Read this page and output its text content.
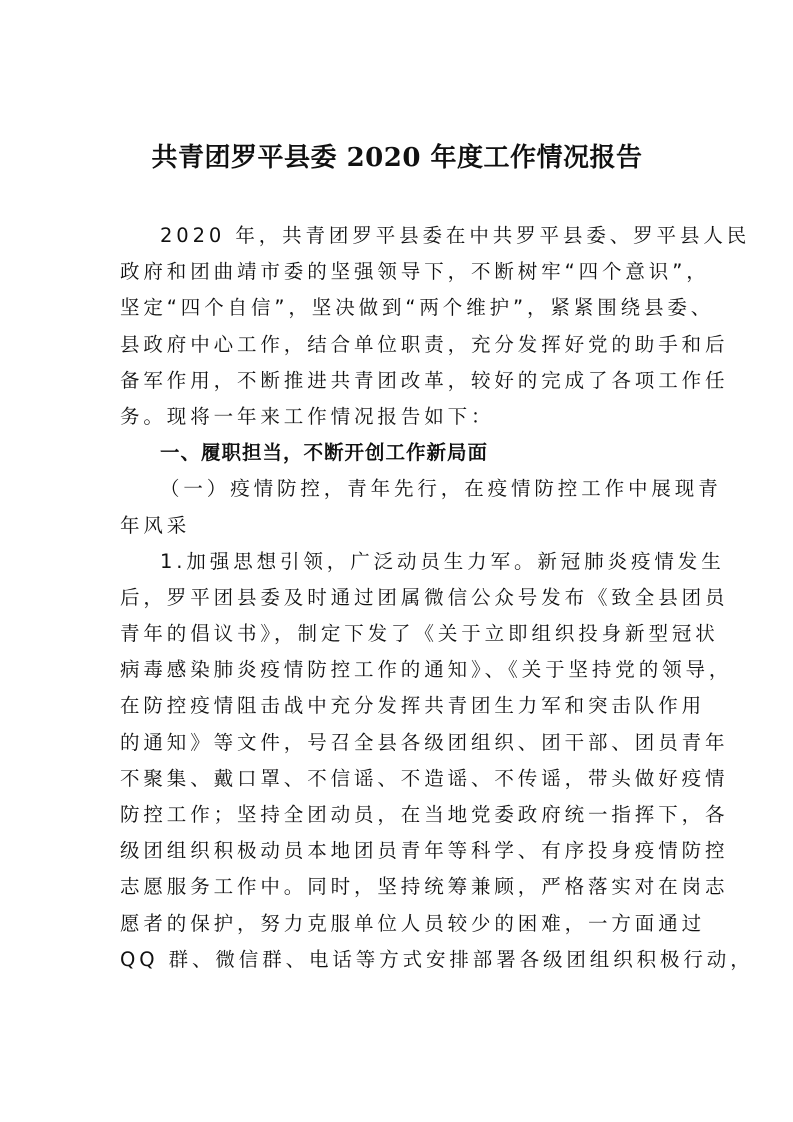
共青团罗平县委 2020 年度工作情况报告
2020 年，共青团罗平县委在中共罗平县委、罗平县人民
政府和团曲靖市委的坚强领导下，不断树牢“四个意识”，
坚定“四个自信”，坚决做到“两个维护”，紧紧围绕县委、
县政府中心工作，结合单位职责，充分发挥好党的助手和后
备军作用，不断推进共青团改革，较好的完成了各项工作任
务。现将一年来工作情况报告如下：
一、履职担当，不断开创工作新局面
（一）疫情防控，青年先行，在疫情防控工作中展现青
年风采
1.加强思想引领，广泛动员生力军。新冠肺炎疫情发生
后，罗平团县委及时通过团属微信公众号发布《致全县团员
青年的倡议书》，制定下发了《关于立即组织投身新型冠状
病毒感染肺炎疫情防控工作的通知》、《关于坚持党的领导，
在防控疫情阻击战中充分发挥共青团生力军和突击队作用
的通知》等文件，号召全县各级团组织、团干部、团员青年
不聚集、戴口罩、不信谣、不造谣、不传谣，带头做好疫情
防控工作；坚持全团动员，在当地党委政府统一指挥下，各
级团组织积极动员本地团员青年等科学、有序投身疫情防控
志愿服务工作中。同时，坚持统筹兼顾，严格落实对在岗志
愿者的保护，努力克服单位人员较少的困难，一方面通过
QQ 群、微信群、电话等方式安排部署各级团组织积极行动，
